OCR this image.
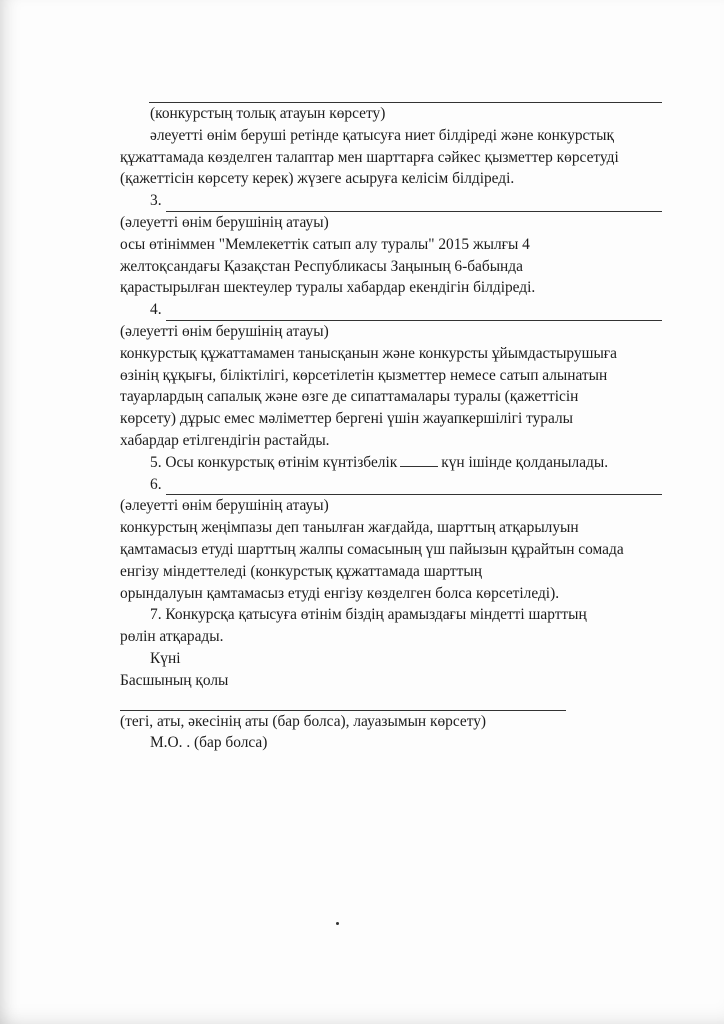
(конкурстың толық атауын көрсету)

әлеуетті өнім беруші ретінде қатысуға ниет білдіреді және конкурстық

құжаттамада көзделген талаптар мен шарттарға сәйкес қызметтер көрсетуді

(қажеттісін көрсету керек) жүзеге асыруға келісім білдіреді.

3.

(әлеуетті өнім берушінің атауы)

осы өтініммен "Мемлекеттік сатып алу туралы" 2015 жылғы 4

желтоқсандағы Қазақстан Республикасы Заңының 6-бабында

қарастырылған шектеулер туралы хабардар екендігін білдіреді.

4.

(әлеуетті өнім берушінің атауы)

конкурстық құжаттамамен танысқанын және конкурсты ұйымдастырушыға

өзінің құқығы, біліктілігі, көрсетілетін қызметтер немесе сатып алынатын

тауарлардың сапалық және өзге де сипаттамалары туралы (қажеттісін

көрсету) дұрыс емес мәліметтер бергені үшін жауапкершілігі туралы

хабардар етілгендігін растайды.

5. Осы конкурстық өтінім күнтізбелік	күн ішінде қолданылады.

6.

(әлеуетті өнім берушінің атауы)

конкурстың жеңімпазы деп танылған жағдайда, шарттың атқарылуын

қамтамасыз етуді шарттың жалпы сомасының үш пайызын құрайтын сомада

енгізу міндеттеледі (конкурстық құжаттамада шарттың

орындалуын қамтамасыз етуді енгізу көзделген болса көрсетіледі).

7. Конкурсқа қатысуға өтінім біздің арамыздағы міндетті шарттың

рөлін атқарады.

Күні

Басшының қолы

(тегі, аты, әкесінің аты (бар болса), лауазымын көрсету)

М.О. . (бар болса)
